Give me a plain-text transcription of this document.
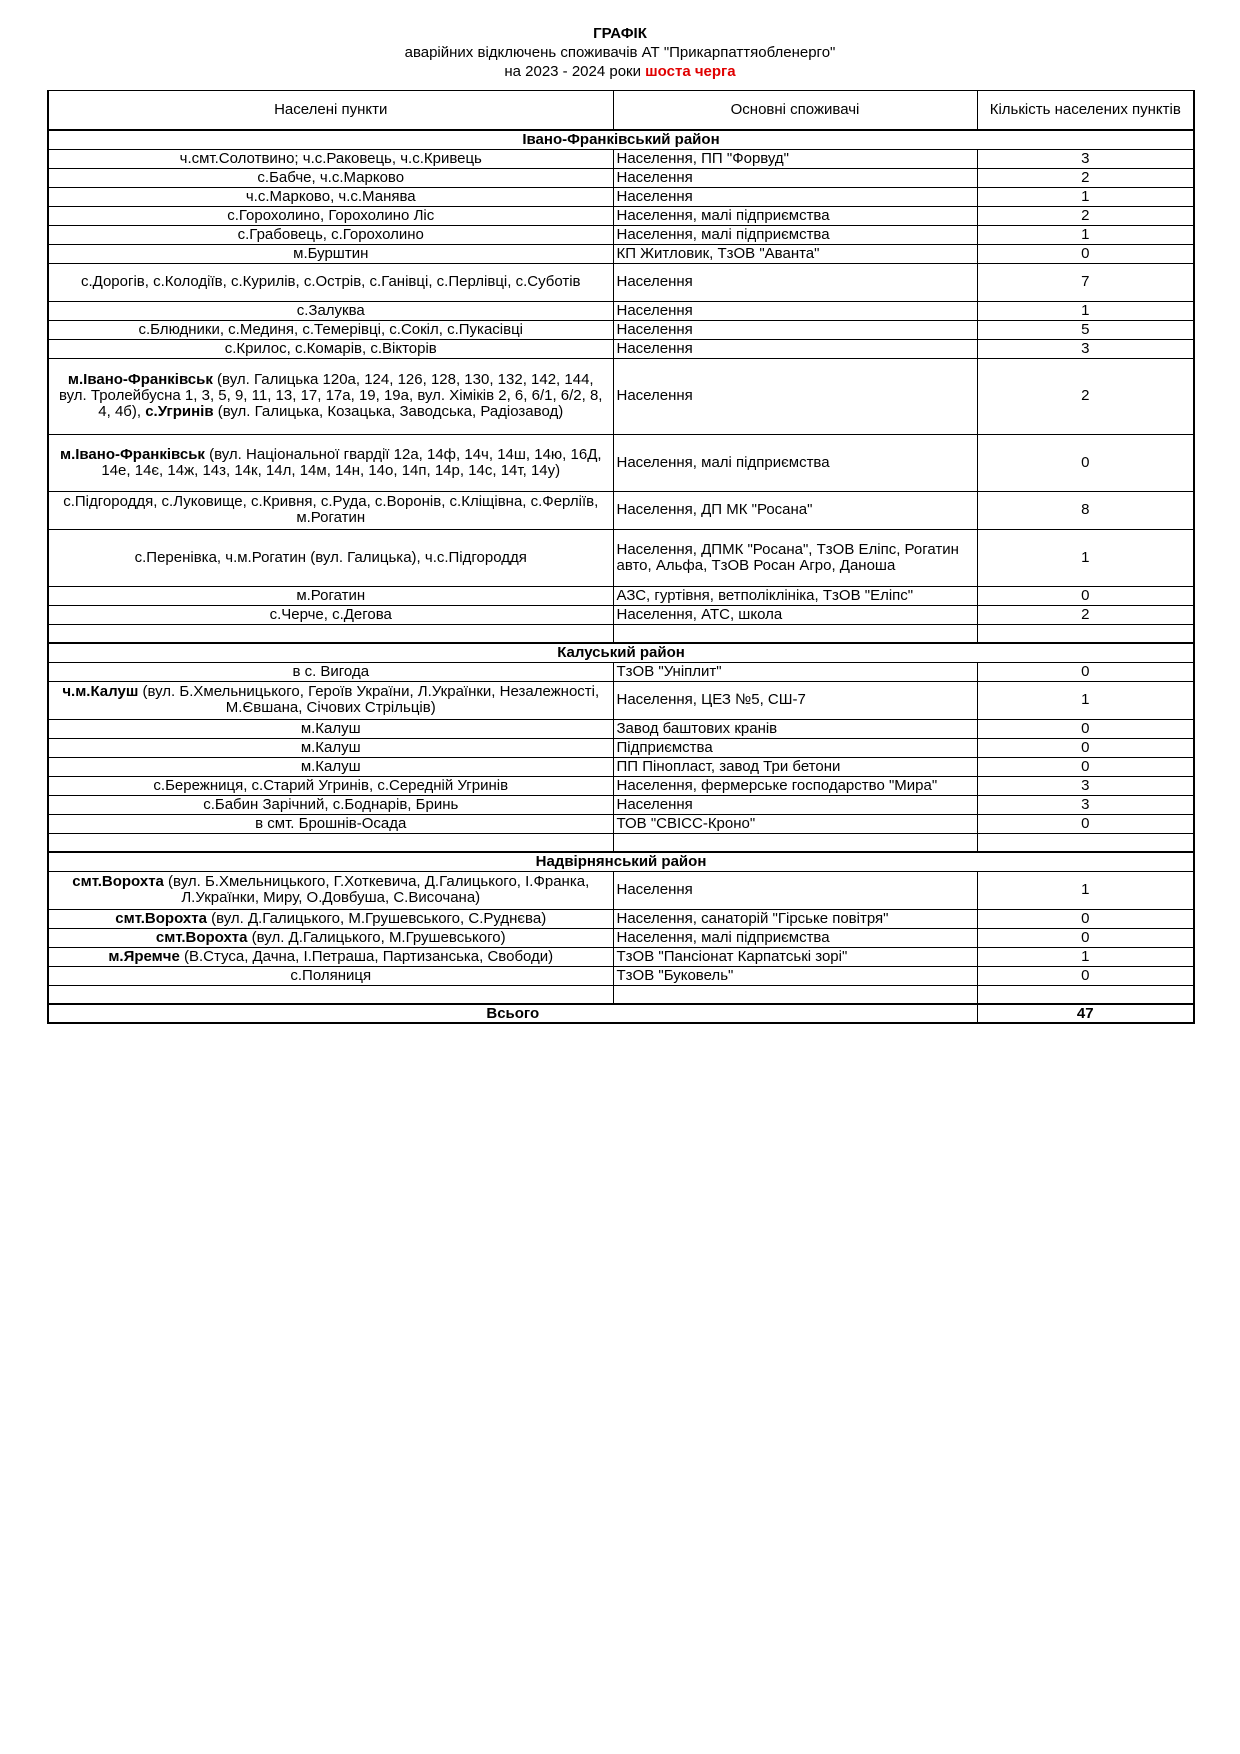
ГРАФІК
аварійних відключень споживачів АТ "Прикарпаттяобленерго"
на 2023 - 2024 роки шоста черга
Населені пункти	Основні споживачі	Кількість населених пунктів
Івано-Франківський район		
ч.смт.Солотвино; ч.с.Раковець, ч.с.Кривець	Населення, ПП "Форвуд"	3
с.Бабче, ч.с.Марково	Населення	2
ч.с.Марково, ч.с.Манява	Населення	1
с.Горохолино, Горохолино Ліс	Населення, малі підприємства	2
с.Грабовець, с.Горохолино	Населення, малі підприємства	1
м.Бурштин	КП Житловик, ТзОВ "Аванта"	0
с.Дорогів, с.Колодіїв, с.Курилів, с.Острів, с.Ганівці, с.Перлівці, с.Суботів	Населення	7
с.Залуква	Населення	1
с.Блюдники, с.Мединя, с.Темерівці, с.Сокіл, с.Пукасівці	Населення	5
с.Крилос, с.Комарів, с.Вікторів	Населення	3
м.Івано-Франківськ (вул. Галицька 120а, 124, 126, 128, 130, 132, 142, 144, вул. Тролейбусна 1, 3, 5, 9, 11, 13, 17, 17а, 19, 19а, вул. Хіміків 2, 6, 6/1, 6/2, 8, 4, 4б), с.Угринів (вул. Галицька, Козацька, Заводська, Радіозавод)	Населення	2
м.Івано-Франківськ (вул. Національної гвардії 12а, 14ф, 14ч, 14ш, 14ю, 16Д, 14е, 14є, 14ж, 14з, 14к, 14л, 14м, 14н, 14о, 14п, 14р, 14с, 14т, 14у)	Населення, малі підприємства	0
с.Підгороддя, с.Луковище, с.Кривня, с.Руда, с.Воронів, с.Кліщівна, с.Ферліїв, м.Рогатин	Населення, ДП МК "Росана"	8
с.Перенівка, ч.м.Рогатин (вул. Галицька), ч.с.Підгороддя	Населення, ДПМК "Росана", ТзОВ Еліпс, Рогатин авто, Альфа, ТзОВ Росан Агро, Даноша	1
м.Рогатин	АЗС, гуртівня, ветполіклініка, ТзОВ "Еліпс"	0
с.Черче, с.Дегова	Населення, АТС, школа	2

Калуський район		
в с. Вигода	ТзОВ "Уніплит"	0
ч.м.Калуш (вул. Б.Хмельницького, Героїв України, Л.Українки, Незалежності, М.Євшана, Січових Стрільців)	Населення, ЦЕЗ №5, СШ-7	1
м.Калуш	Завод баштових кранів	0
м.Калуш	Підприємства	0
м.Калуш	ПП Пінопласт, завод Три бетони	0
с.Бережниця, с.Старий Угринів, с.Середній Угринів	Населення, фермерське господарство "Мира"	3
с.Бабин Зарічний, с.Боднарів, Бринь	Населення	3
в смт. Брошнів-Осада	ТОВ "СВІСС-Кроно"	0

Надвірнянський район		
смт.Ворохта (вул. Б.Хмельницького, Г.Хоткевича, Д.Галицького, І.Франка, Л.Українки, Миру, О.Довбуша, С.Височана)	Населення	1
смт.Ворохта (вул. Д.Галицького, М.Грушевського, С.Руднєва)	Населення, санаторій "Гірське повітря"	0
смт.Ворохта (вул. Д.Галицького, М.Грушевського)	Населення, малі підприємства	0
м.Яремче (В.Стуса, Дачна, І.Петраша, Партизанська, Свободи)	ТзОВ "Пансіонат Карпатські зорі"	1
с.Поляниця	ТзОВ "Буковель"	0

Всього		47
